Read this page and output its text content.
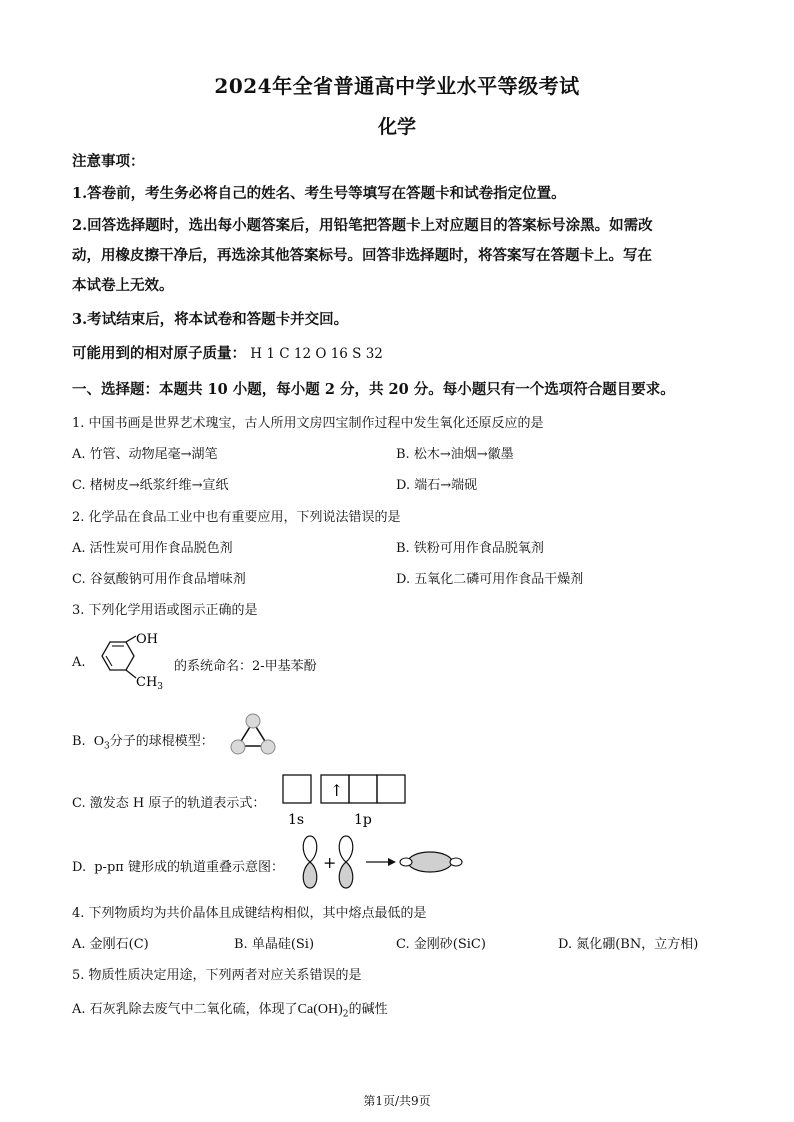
2024年全省普通高中学业水平等级考试
化学
注意事项：
1.答卷前，考生务必将自己的姓名、考生号等填写在答题卡和试卷指定位置。
2.回答选择题时，选出每小题答案后，用铅笔把答题卡上对应题目的答案标号涂黑。如需改
动，用橡皮擦干净后，再选涂其他答案标号。回答非选择题时，将答案写在答题卡上。写在
本试卷上无效。
3.考试结束后，将本试卷和答题卡并交回。
可能用到的相对原子质量： H 1 C 12 O 16 S 32
一、选择题：本题共 10 小题，每小题 2 分，共 20 分。每小题只有一个选项符合题目要求。
1. 中国书画是世界艺术瑰宝，古人所用文房四宝制作过程中发生氧化还原反应的是
A. 竹管、动物尾毫→湖笔	B. 松木→油烟→徽墨
C. 楮树皮→纸浆纤维→宣纸	D. 端石→端砚
2. 化学品在食品工业中也有重要应用，下列说法错误的是
A. 活性炭可用作食品脱色剂	B. 铁粉可用作食品脱氧剂
C. 谷氨酸钠可用作食品增味剂	D. 五氧化二磷可用作食品干燥剂
3. 下列化学用语或图示正确的是
A.
OH
$CH_3$
的系统命名：2-甲基苯酚
B. $O_3$分子的球棍模型：
C. 激发态 H 原子的轨道表示式：
↑
1s	1p
D. p-pπ 键形成的轨道重叠示意图： +
4. 下列物质均为共价晶体且成键结构相似，其中熔点最低的是
A. 金刚石(C)	B. 单晶硅(Si)	C. 金刚砂(SiC)	D. 氮化硼(BN，立方相)
5. 物质性质决定用途，下列两者对应关系错误的是
A. 石灰乳除去废气中二氧化硫，体现了$Ca(OH)_2$的碱性
第1页/共9页
